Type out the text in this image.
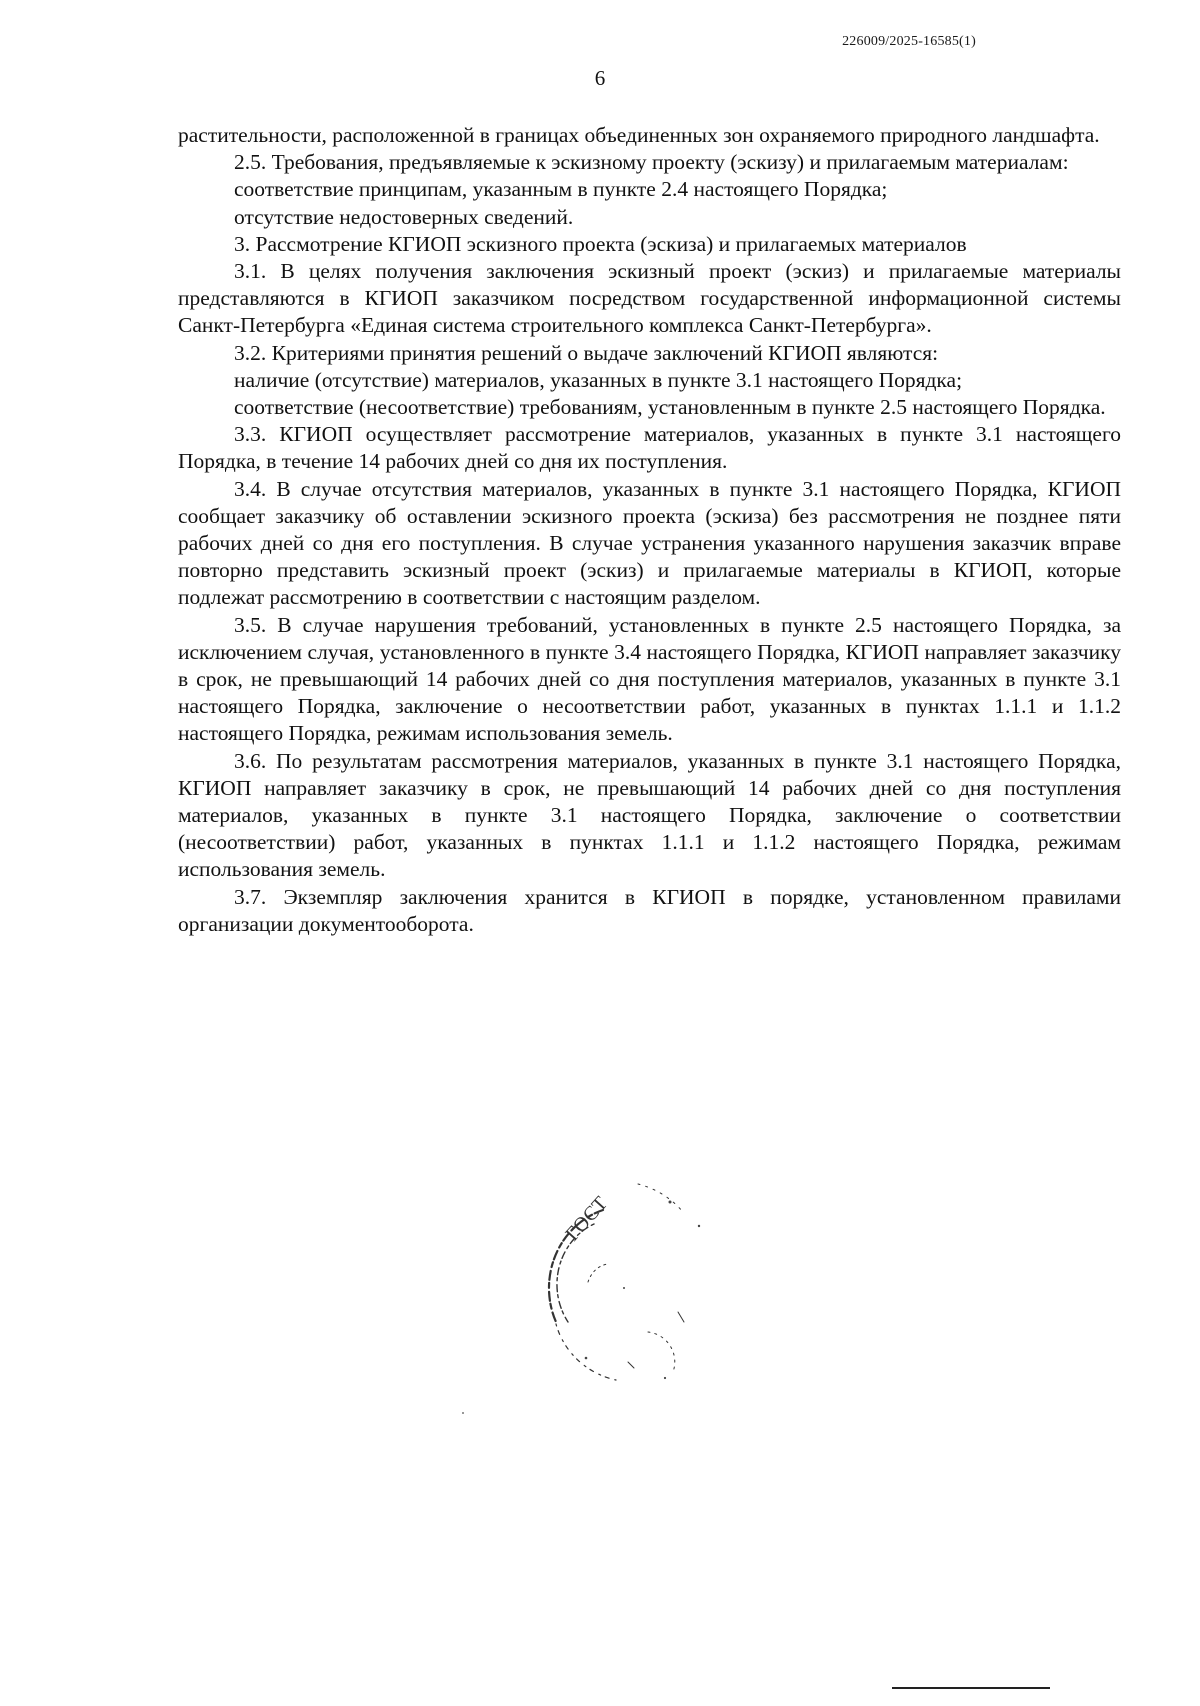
226009/2025-16585(1)
6

растительности, расположенной в границах объединенных зон охраняемого природного ландшафта.

2.5. Требования, предъявляемые к эскизному проекту (эскизу) и прилагаемым материалам:

соответствие принципам, указанным в пункте 2.4 настоящего Порядка;

отсутствие недостоверных сведений.

3. Рассмотрение КГИОП эскизного проекта (эскиза) и прилагаемых материалов

3.1. В целях получения заключения эскизный проект (эскиз) и прилагаемые материалы представляются в КГИОП заказчиком посредством государственной информационной системы Санкт-Петербурга «Единая система строительного комплекса Санкт-Петербурга».

3.2. Критериями принятия решений о выдаче заключений КГИОП являются:

наличие (отсутствие) материалов, указанных в пункте 3.1 настоящего Порядка;

соответствие (несоответствие) требованиям, установленным в пункте 2.5 настоящего Порядка.

3.3. КГИОП осуществляет рассмотрение материалов, указанных в пункте 3.1 настоящего Порядка, в течение 14 рабочих дней со дня их поступления.

3.4. В случае отсутствия материалов, указанных в пункте 3.1 настоящего Порядка, КГИОП сообщает заказчику об оставлении эскизного проекта (эскиза) без рассмотрения не позднее пяти рабочих дней со дня его поступления. В случае устранения указанного нарушения заказчик вправе повторно представить эскизный проект (эскиз) и прилагаемые материалы в КГИОП, которые подлежат рассмотрению в соответствии с настоящим разделом.

3.5. В случае нарушения требований, установленных в пункте 2.5 настоящего Порядка, за исключением случая, установленного в пункте 3.4 настоящего Порядка, КГИОП направляет заказчику в срок, не превышающий 14 рабочих дней со дня поступления материалов, указанных в пункте 3.1 настоящего Порядка, заключение о несоответствии работ, указанных в пунктах 1.1.1 и 1.1.2 настоящего Порядка, режимам использования земель.

3.6. По результатам рассмотрения материалов, указанных в пункте 3.1 настоящего Порядка, КГИОП направляет заказчику в срок, не превышающий 14 рабочих дней со дня поступления материалов, указанных в пункте 3.1 настоящего Порядка, заключение о соответствии (несоответствии) работ, указанных в пунктах 1.1.1 и 1.1.2 настоящего Порядка, режимам использования земель.

3.7. Экземпляр заключения хранится в КГИОП в порядке, установленном правилами организации документооборота.

ГОСТ
